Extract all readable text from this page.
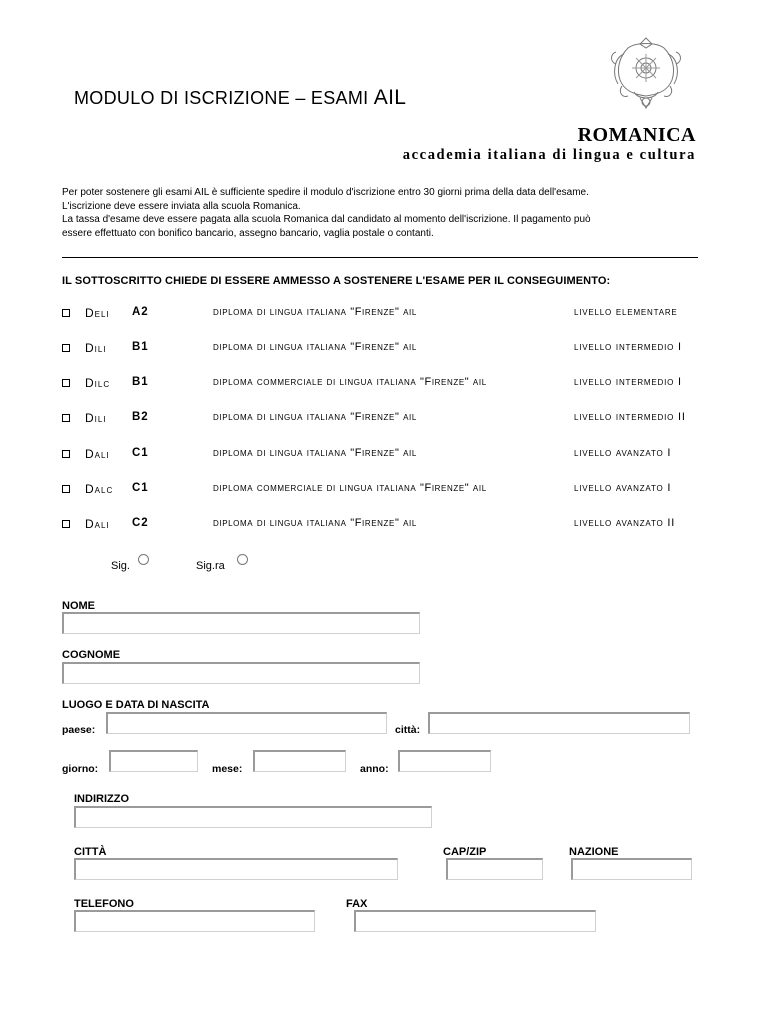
MODULO DI ISCRIZIONE – ESAMI AIL
ROMANICA
accademia italiana di lingua e cultura
Per poter sostenere gli esami AIL è sufficiente spedire il modulo d'iscrizione entro 30 giorni prima della data dell'esame.
L'iscrizione deve essere inviata alla scuola Romanica.
La tassa d'esame deve essere pagata alla scuola Romanica dal candidato al momento dell'iscrizione. Il pagamento può
essere effettuato con bonifico bancario, assegno bancario, vaglia postale o contanti.
IL SOTTOSCRITTO CHIEDE DI ESSERE AMMESSO A SOSTENERE L'ESAME PER IL CONSEGUIMENTO:
Deli A2	diploma di lingua italiana "Firenze" ail	livello elementare
Dili B1	diploma di lingua italiana "Firenze" ail	livello intermedio I
Dilc B1	diploma commerciale di lingua italiana "Firenze" ail	livello intermedio I
Dili B2	diploma di lingua italiana "Firenze" ail	livello intermedio II
Dali C1	diploma di lingua italiana "Firenze" ail	livello avanzato I
Dalc C1	diploma commerciale di lingua italiana "Firenze" ail	livello avanzato I
Dali C2	diploma di lingua italiana "Firenze" ail	livello avanzato II
Sig.	Sig.ra
NOME
COGNOME
LUOGO E DATA DI NASCITA
paese:	città:
giorno:	mese:	anno:
INDIRIZZO
CITTÀ	CAP/ZIP	NAZIONE
TELEFONO	FAX
